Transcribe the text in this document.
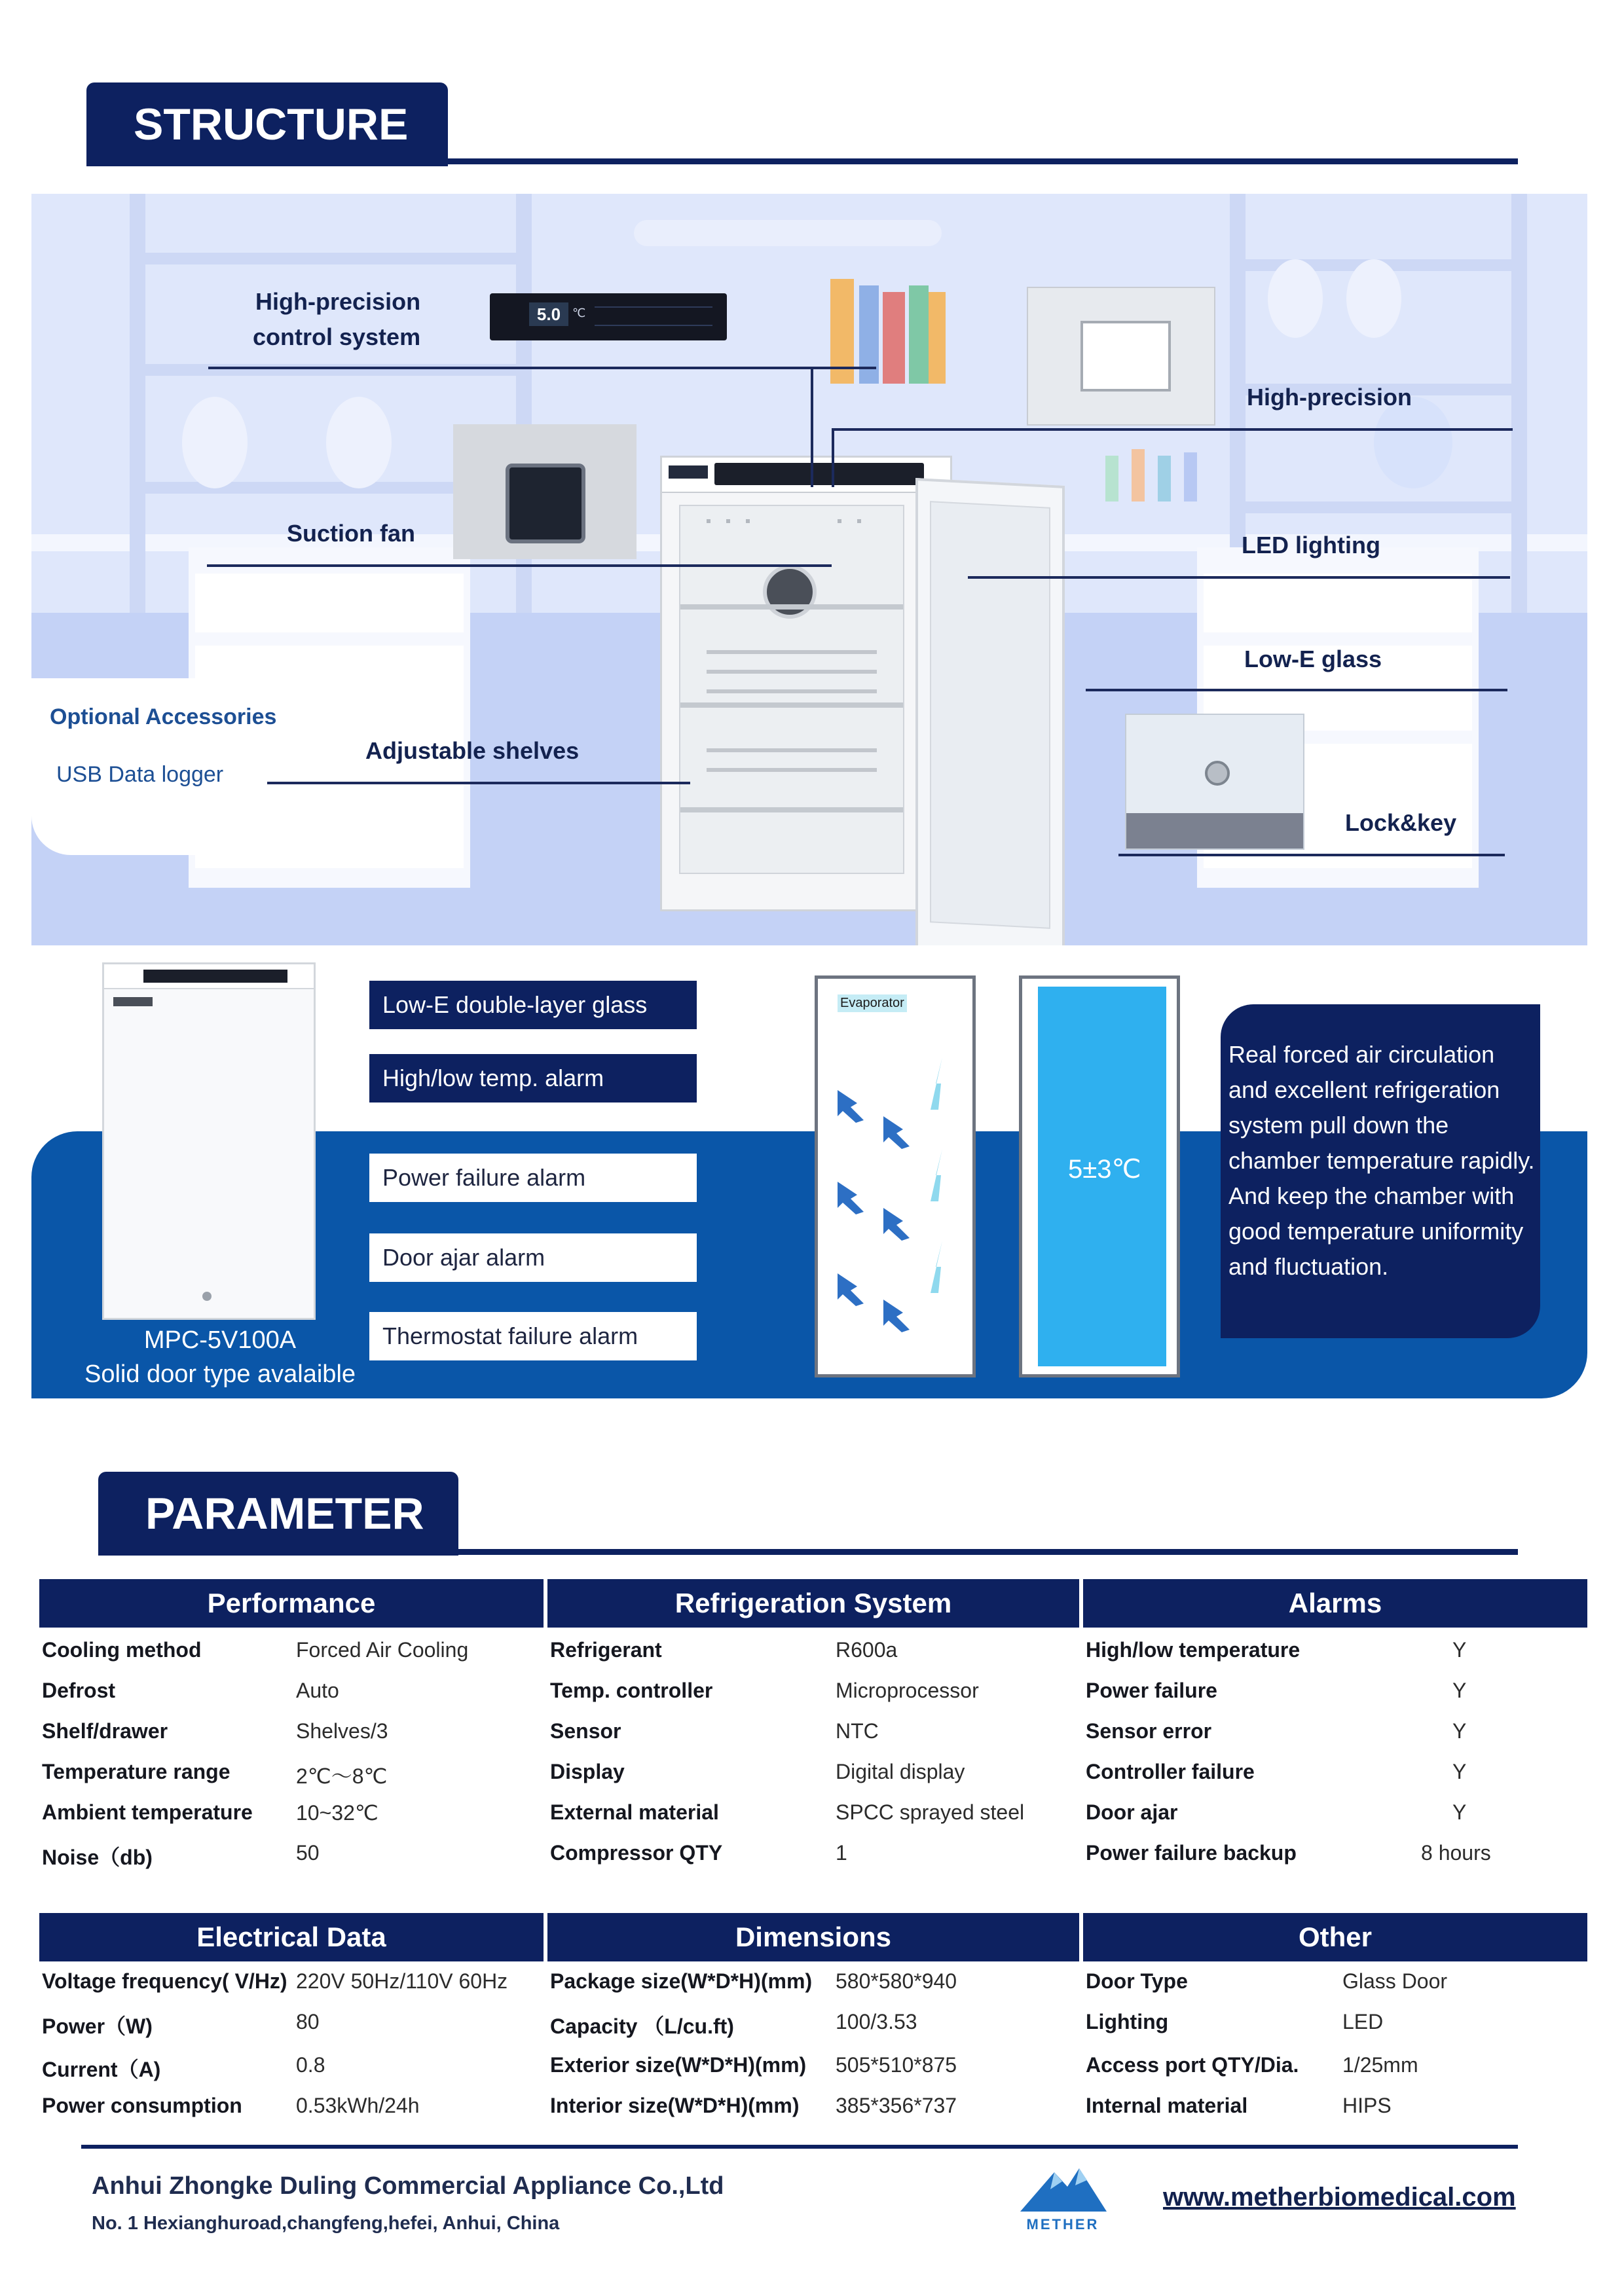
STRUCTURE
Optional Accessories
USB Data logger
5.0 ℃
High-precision
control system
High-precision
Suction fan	LED lighting
Low-E glass
Adjustable shelves
Lock&key
MPC-5V100A
Solid door type avalaible
Low-E double-layer glass
High/low temp. alarm
Power failure alarm
Door ajar alarm
Thermostat failure alarm
Evaporator
5±3℃
Real forced air circulation and excellent refrigeration system pull down the chamber temperature rapidly. And keep the chamber with good temperature uniformity and fluctuation.
PARAMETER
Performance	Refrigeration System	Alarms
Cooling method	Forced Air Cooling
Defrost	Auto
Shelf/drawer	Shelves/3
Temperature range	2℃～8℃
Ambient temperature 10~32℃
Noise（db)	50
Refrigerant	R600a
Temp. controller	Microprocessor
Sensor	NTC
Display	Digital display
External material	SPCC sprayed steel
Compressor QTY	1
High/low temperature	Y
Power failure	Y
Sensor error	Y
Controller failure	Y
Door ajar	Y
Power failure backup	8 hours
Electrical Data	Dimensions	Other
Voltage frequency( V/Hz) 220V 50Hz/110V 60Hz
Power（W)	80
Current（A)	0.8
Power consumption	0.53kWh/24h
Package size(W*D*H)(mm) 580*580*940
Capacity （L/cu.ft)	100/3.53
Exterior size(W*D*H)(mm) 505*510*875
Interior size(W*D*H)(mm) 385*356*737
Door Type	Glass Door
Lighting	LED
Access port QTY/Dia. 1/25mm
Internal material	HIPS
Anhui Zhongke Duling Commercial Appliance Co.,Ltd
No. 1 Hexianghuroad,changfeng,hefei, Anhui, China	METHER
www.metherbiomedical.com
